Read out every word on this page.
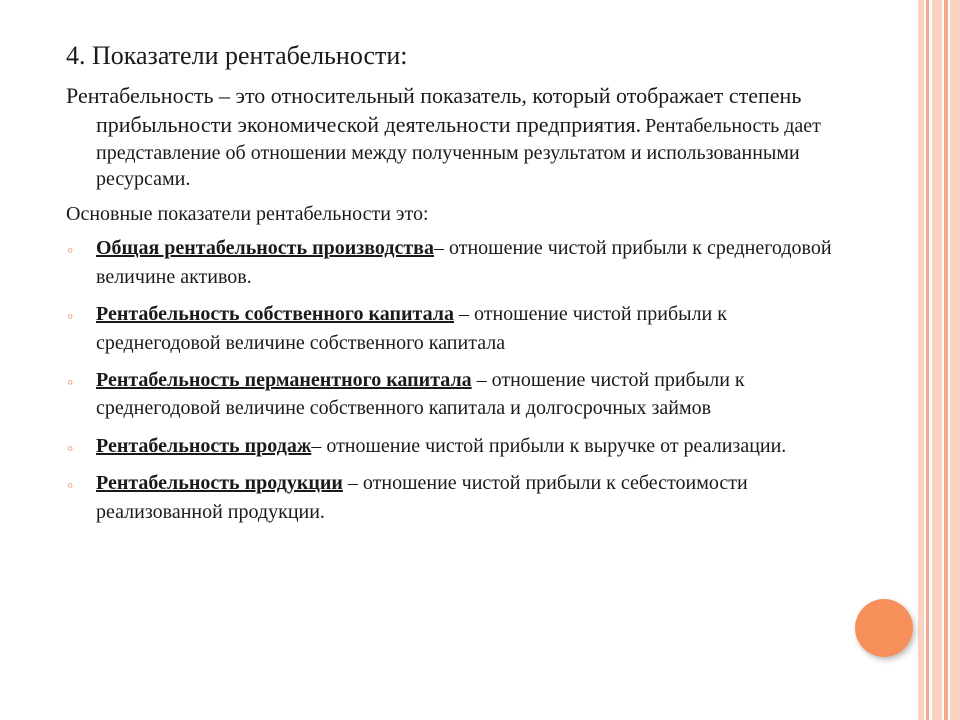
4. Показатели рентабельности:

Рентабельность – это относительный показатель, который отображает степень прибыльности экономической деятельности предприятия. Рентабельность дает представление об отношении между полученным результатом и использованными ресурсами.

Основные показатели рентабельности это:

◦ Общая рентабельность производства– отношение чистой прибыли к среднегодовой величине активов.
◦ Рентабельность собственного капитала – отношение чистой прибыли к среднегодовой величине собственного капитала
◦ Рентабельность перманентного капитала – отношение чистой прибыли к среднегодовой величине собственного капитала и долгосрочных займов
◦ Рентабельность продаж– отношение чистой прибыли к выручке от реализации.
◦ Рентабельность продукции – отношение чистой прибыли к себестоимости реализованной продукции.
